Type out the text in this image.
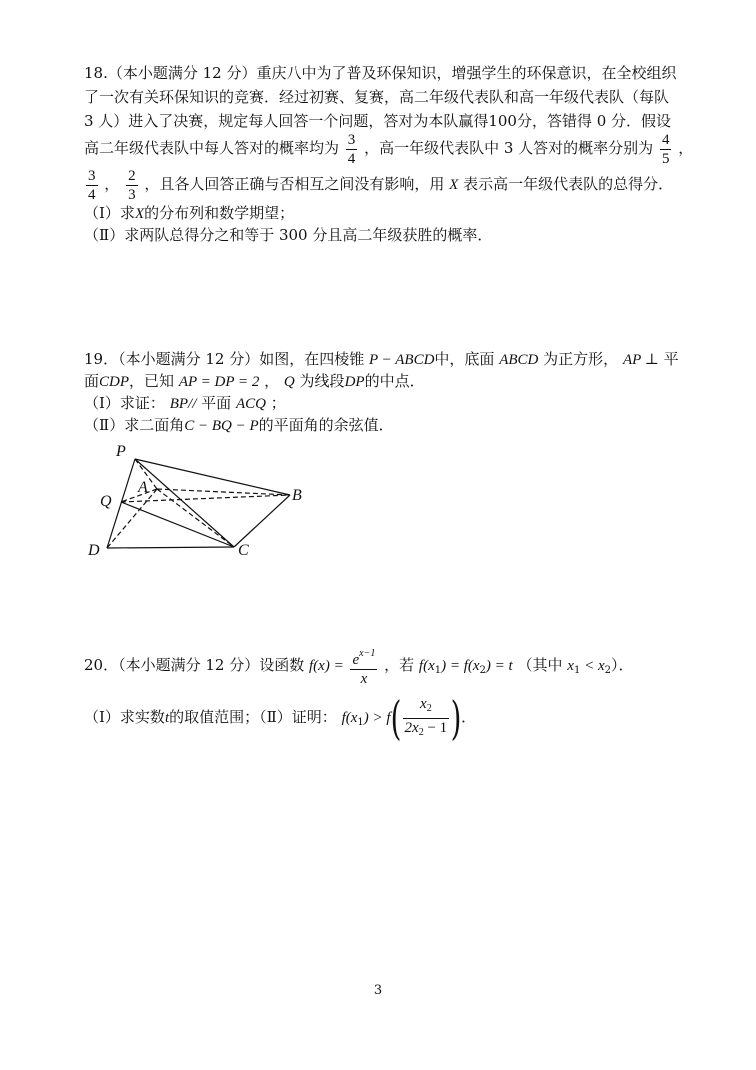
18.（本小题满分 12 分）重庆八中为了普及环保知识，增强学生的环保意识，在全校组织
了一次有关环保知识的竞赛．经过初赛、复赛，高二年级代表队和高一年级代表队（每队
3 人）进入了决赛，规定每人回答一个问题，答对为本队赢得100分，答错得 0 分．假设
高二年级代表队中每人答对的概率均为 $\frac{3}{4}$ ，高一年级代表队中 3 人答对的概率分别为 $\frac{4}{5}$ ，
$\frac{3}{4}$ ， $\frac{2}{3}$ ，且各人回答正确与否相互之间没有影响，用 X 表示高一年级代表队的总得分．
（Ⅰ）求X的分布列和数学期望；
（Ⅱ）求两队总得分之和等于 300 分且高二年级获胜的概率．
19．（本小题满分 12 分）如图，在四棱锥 P − ABCD中，底面 ABCD 为正方形， AP ⊥ 平
面CDP，已知 AP = DP = 2 ， Q 为线段DP的中点．
（Ⅰ）求证： BP// 平面 ACQ ；
（Ⅱ）求二面角C − BQ − P的平面角的余弦值．
P
A	B
Q
D	C
20．（本小题满分 12 分）设函数 $f(x) = \frac{e^{x-1}}{x}$ ，若 $f(x_1) = f(x_2) = t$ （其中 $x_1 < x_2$）．
（Ⅰ）求实数t的取值范围；（Ⅱ）证明： $f(x_1) > f( \frac{x_2}{2x_2 - 1}$ )．
3
